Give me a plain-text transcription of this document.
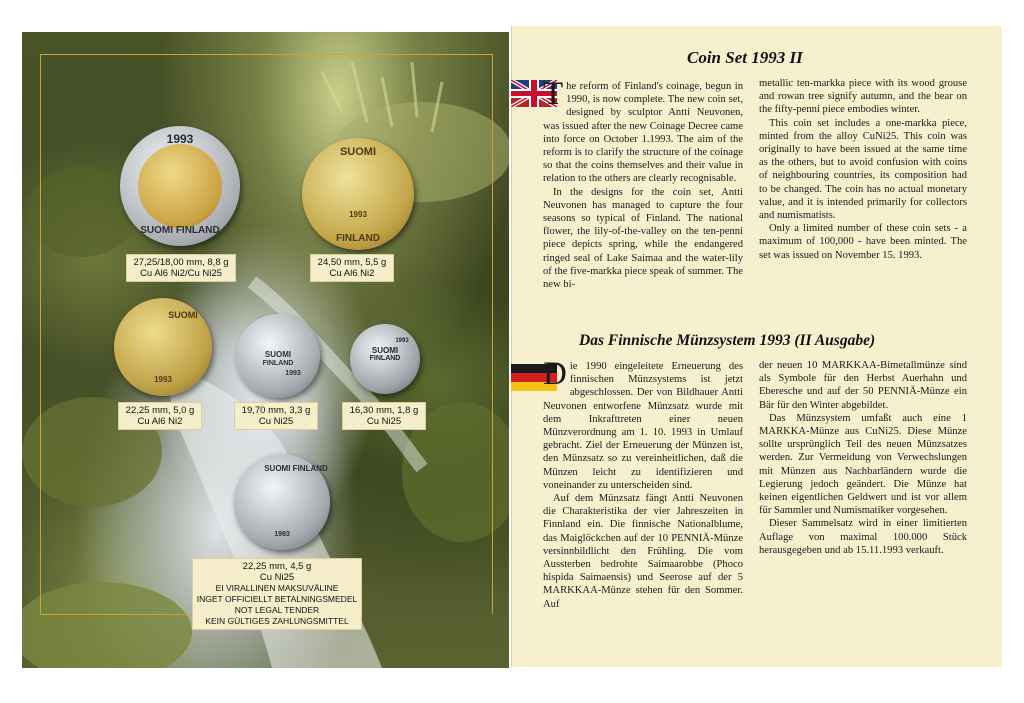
1993
SUOMI FINLAND
27,25/18,00 mm, 8,8 g
Cu Al6 Ni2/Cu Ni25
SUOMI
1993
FINLAND
24,50 mm, 5,5 g
Cu Al6 Ni2
SUOMI
1993
22,25 mm, 5,0 g
Cu Al6 Ni2
SUOMI
FINLAND
1993
19,70 mm, 3,3 g
Cu Ni25
SUOMI
FINLAND
1993
16,30 mm, 1,8 g
Cu Ni25
SUOMI FINLAND
1993
22,25 mm, 4,5 g
Cu Ni25
EI VIRALLINEN MAKSUVÄLINE
INGET OFFICIELLT BETALNINGSMEDEL
NOT LEGAL TENDER
KEIN GÜLTIGES ZAHLUNGSMITTEL
Coin Set 1993 II

The reform of Finland's coinage, begun in 1990, is now complete. The new coin set, designed by sculptor Antti Neuvonen, was issued after the new Coinage Decree came into force on October 1.1993. The aim of the reform is to clarify the structure of the coinage so that the coins themselves and their value in relation to the others are clearly recognisable.

In the designs for the coin set, Antti Neuvonen has managed to capture the four seasons so typical of Finland. The national flower, the lily-of-the-valley on the ten-penni piece depicts spring, while the endangered ringed seal of Lake Saimaa and the water-lily of the five-markka piece speak of summer. The new bi-

metallic ten-markka piece with its wood grouse and rowan tree signify autumn, and the bear on the fifty-penni piece embodies winter.

This coin set includes a one-markka piece, minted from the alloy CuNi25. This coin was originally to have been issued at the same time as the others, but to avoid confusion with coins of neighbouring countries, its composition had to be changed. The coin has no actual monetary value, and it is intended primarily for collectors and numismatists.

Only a limited number of these coin sets - a maximum of 100,000 - have been minted. The set was issued on November 15. 1993.

Das Finnische Münzsystem 1993 (II Ausgabe)

Die 1990 eingeleitete Erneuerung des finnischen Münzsystems ist jetzt abgeschlossen. Der von Bildhauer Antti Neuvonen entworfene Münzsatz wurde mit dem Inkrafttreten einer neuen Münzverordnung am 1. 10. 1993 in Umlauf gebracht. Ziel der Erneuerung der Münzen ist, den Münzsatz so zu vereinheitlichen, daß die Münzen leicht zu identifizieren und voneinander zu unterscheiden sind.

Auf dem Münzsatz fängt Antti Neuvonen die Charakteristika der vier Jahreszeiten in Finnland ein. Die finnische Nationalblume, das Maiglöckchen auf der 10 PENNIÄ-Münze versinnbildlicht den Frühling. Die vom Aussterben bedrohte Saimaarobbe (Phoco hispida Saimaensis) und Seerose auf der 5 MARKKAA-Münze stehen für den Sommer. Auf

der neuen 10 MARKKAA-Bimetallmünze sind als Symbole für den Herbst Auerhahn und Eberesche und auf der 50 PENNIÄ-Münze ein Bär für den Winter abgebildet.

Das Münzsystem umfaßt auch eine 1 MARKKA-Münze aus CuNi25. Diese Münze sollte ursprünglich Teil des neuen Münzsatzes werden. Zur Vermeidung von Verwechslungen mit Münzen aus Nachbarländern wurde die Legierung jedoch geändert. Die Münze hat keinen eigentlichen Geldwert und ist vor allem für Sammler und Numismatiker vorgesehen.

Dieser Sammelsatz wird in einer limitierten Auflage von maximal 100.000 Stück herausgegeben und ab 15.11.1993 verkauft.
